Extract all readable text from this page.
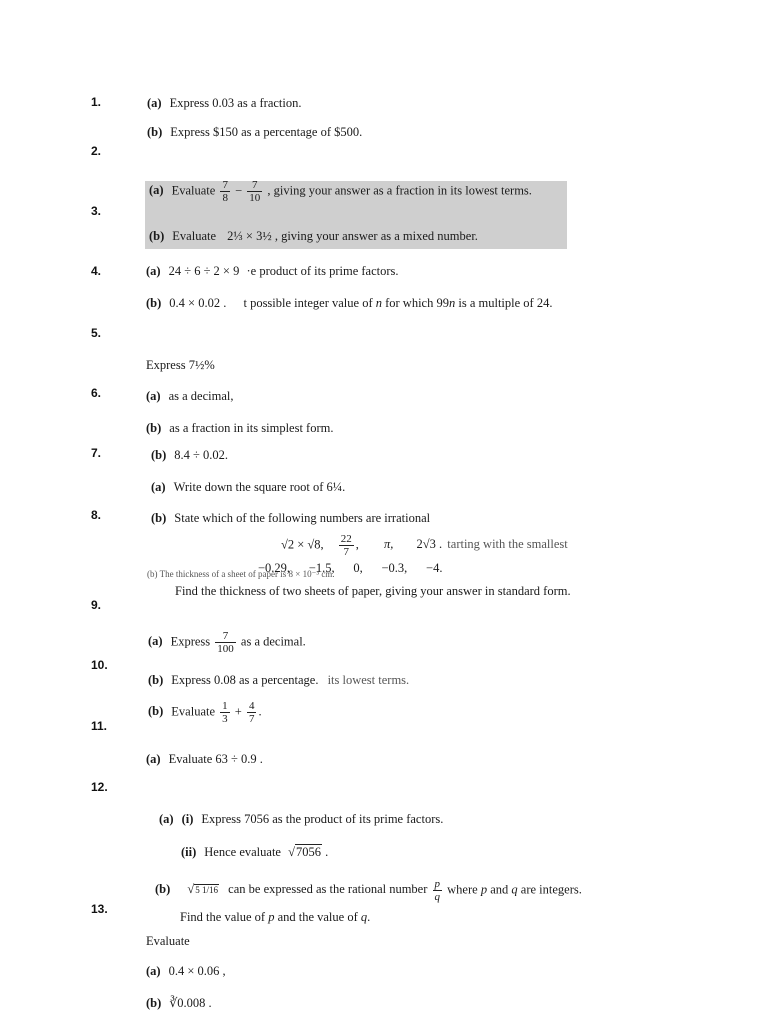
1.
2.
3.
4.
5.
6.
7.
8.
9.
10.
11.
12.
13.
(a) Express 0.03 as a fraction.
(b) Express $150 as a percentage of $500.
(a) Evaluate $\frac{7}{8} - \frac{7}{10}$ , giving your answer as a fraction in its lowest terms.
(b) Evaluate 2⅓ × 3½ , giving your answer as a mixed number.
(a) 24 ÷ 6 ÷ 2 × 9 ·e product of its prime factors.
(b) 0.4 × 0.02 . t possible integer value of n for which 99n is a multiple of 24.
Express 7½%
(a) as a decimal,
(b) as a fraction in its simplest form.
(b) 8.4 ÷ 0.02.
(a) Write down the square root of 6¼.
(b) State which of the following numbers are irrational
√2 × √8, $\frac{22}{7}$ , π, 2√3 . tarting with the smallest
(b) The thickness of a sheet of paper is 8 × 10⁻³ cm.
−0.29,      −1.5,      0,      −0.3,      −4.
Find the thickness of two sheets of paper, giving your answer in standard form.
(a) Express $\frac{7}{100}$ as a decimal.
(b) Express 0.08 as a percentage. its lowest terms.
(b) Evaluate $\frac{1}{3} + \frac{4}{7}$ .
(a) Evaluate 63 ÷ 0.9 .
(a) (i) Express 7056 as the product of its prime factors.
(ii) Hence evaluate √7056 .
(b) √5 1/16 can be expressed as the rational number $\frac{p}{q}$ where p and q are integers.
Find the value of p and the value of q.
Evaluate
(a) 0.4 × 0.06 ,
(b) ∛0.008 .
